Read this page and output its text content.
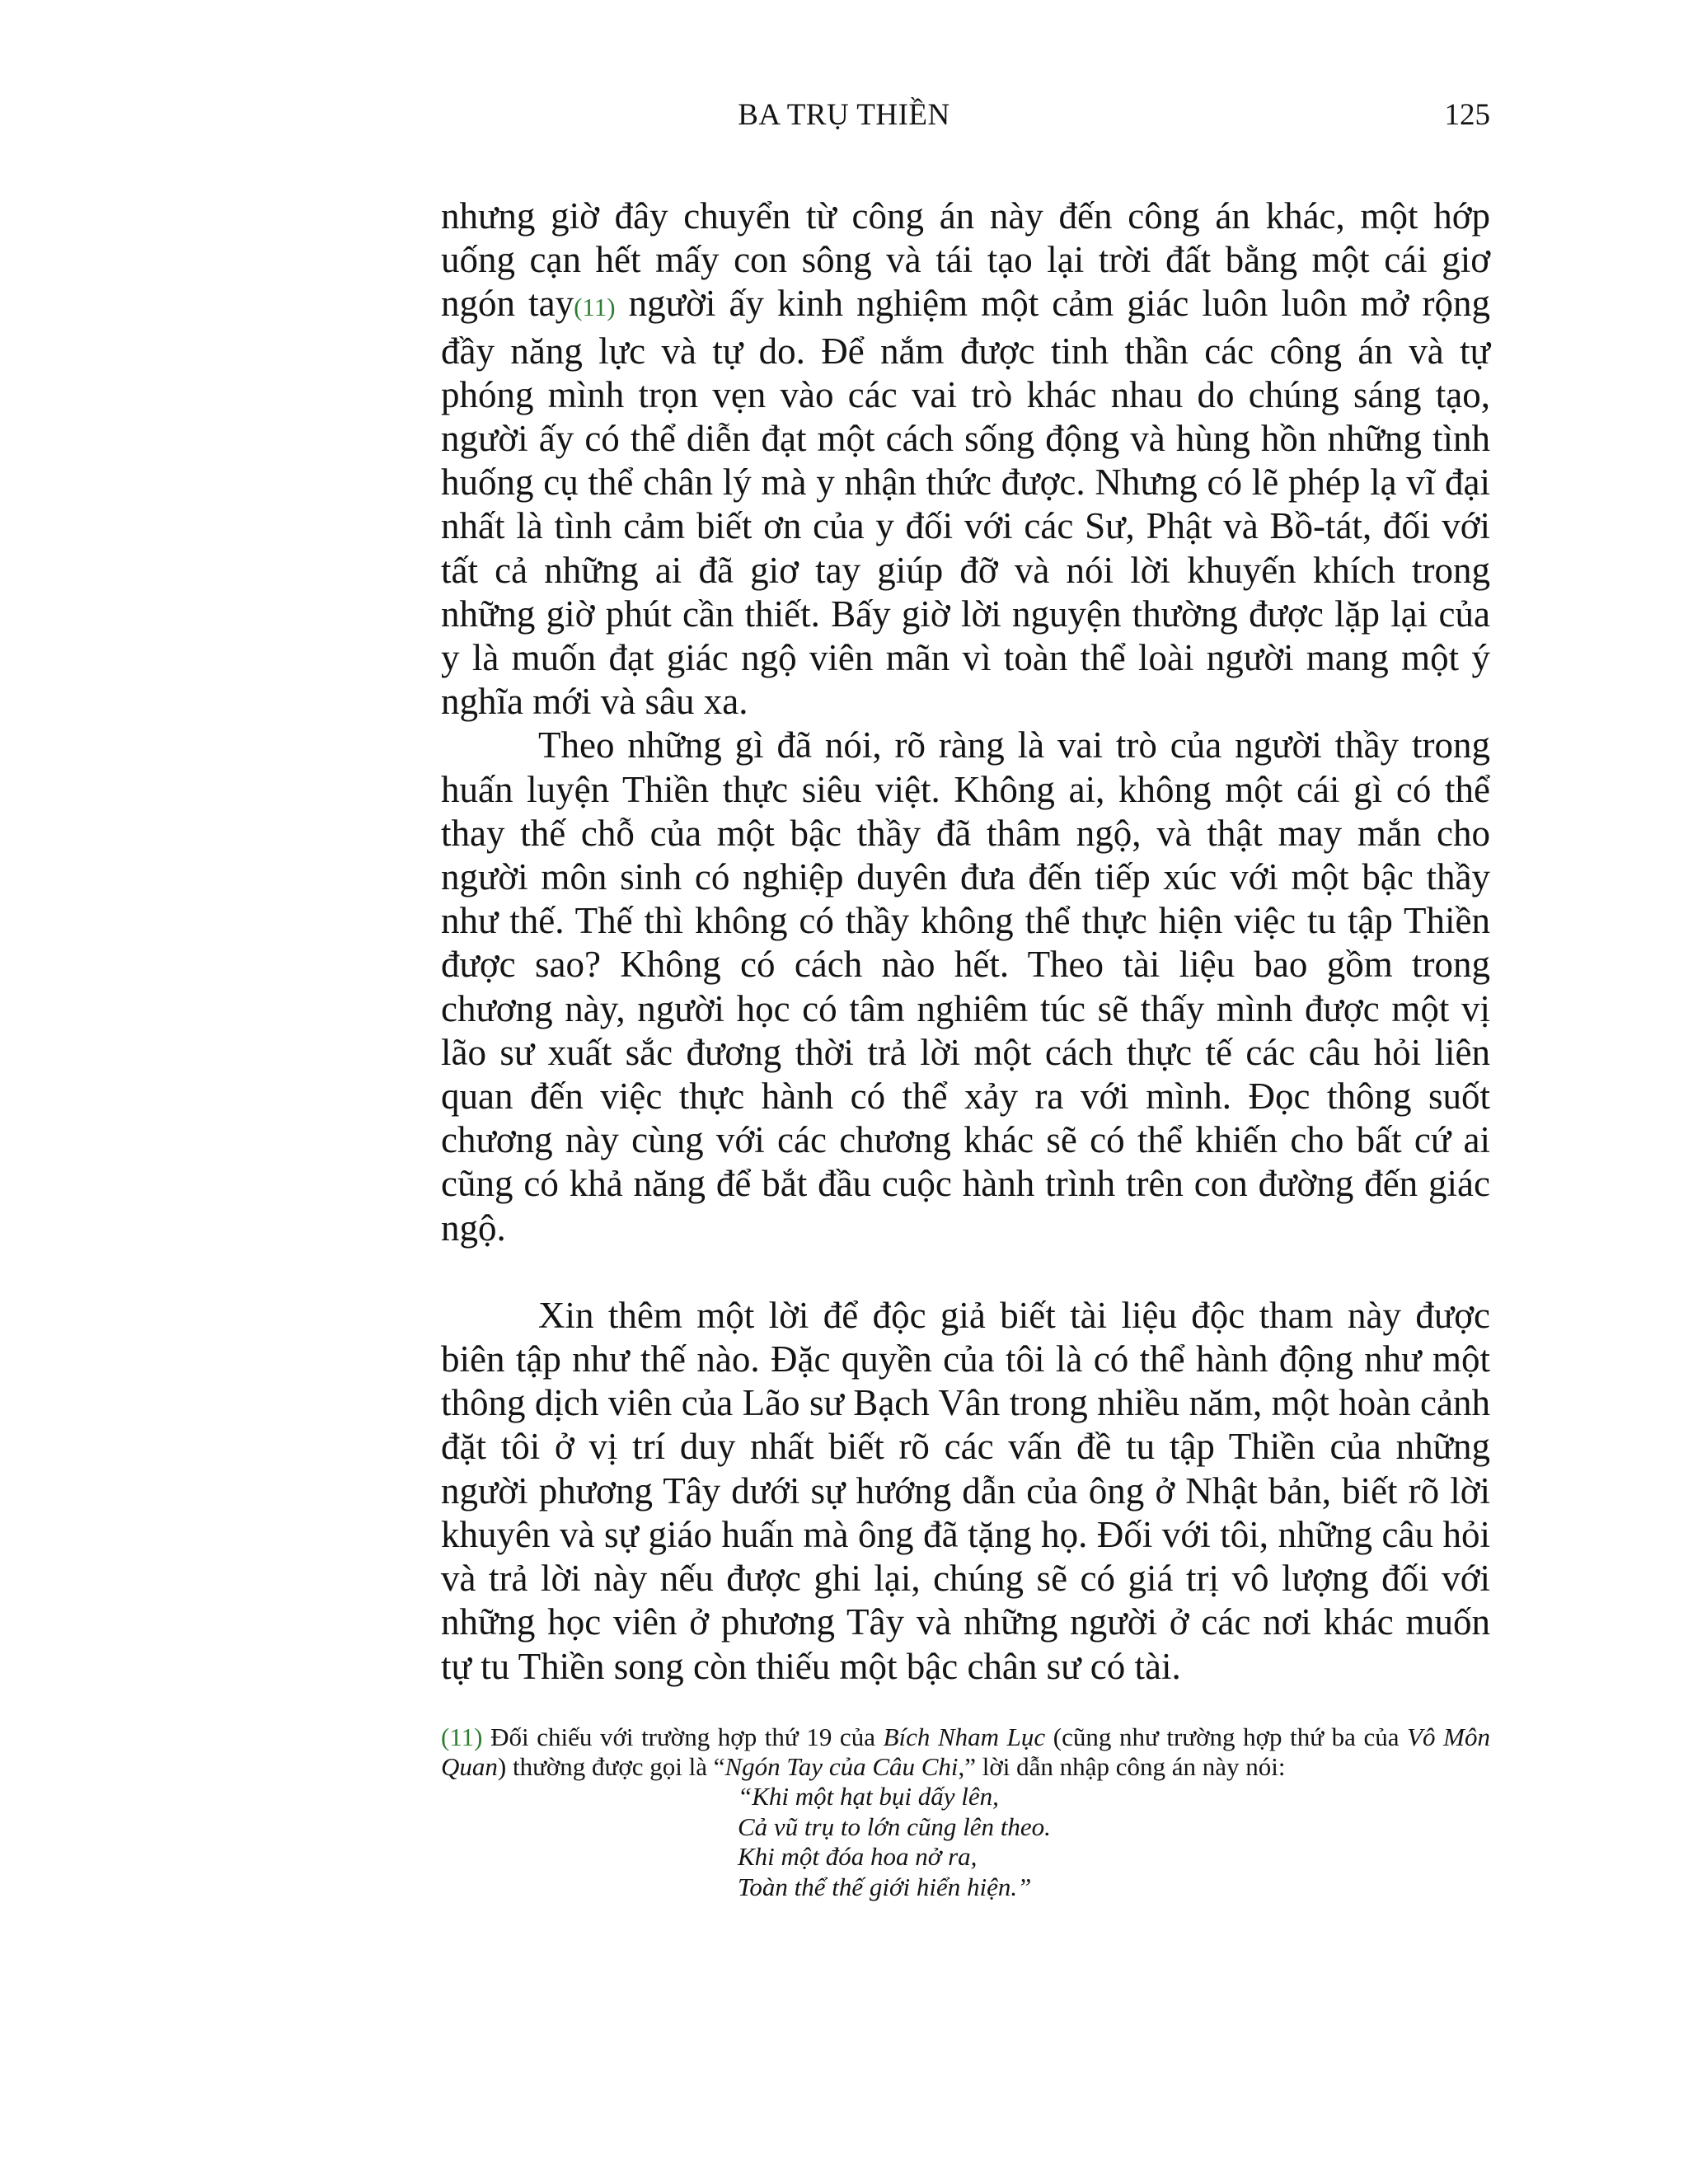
BA TRỤ THIỀN	125

nhưng giờ đây chuyển từ công án này đến công án khác, một hớp uống cạn hết mấy con sông và tái tạo lại trời đất bằng một cái giơ ngón tay(11) người ấy kinh nghiệm một cảm giác luôn luôn mở rộng đầy năng lực và tự do. Để nắm được tinh thần các công án và tự phóng mình trọn vẹn vào các vai trò khác nhau do chúng sáng tạo, người ấy có thể diễn đạt một cách sống động và hùng hồn những tình huống cụ thể chân lý mà y nhận thức được. Nhưng có lẽ phép lạ vĩ đại nhất là tình cảm biết ơn của y đối với các Sư, Phật và Bồ-tát, đối với tất cả những ai đã giơ tay giúp đỡ và nói lời khuyến khích trong những giờ phút cần thiết. Bấy giờ lời nguyện thường được lặp lại của y là muốn đạt giác ngộ viên mãn vì toàn thể loài người mang một ý nghĩa mới và sâu xa.

Theo những gì đã nói, rõ ràng là vai trò của người thầy trong huấn luyện Thiền thực siêu việt. Không ai, không một cái gì có thể thay thế chỗ của một bậc thầy đã thâm ngộ, và thật may mắn cho người môn sinh có nghiệp duyên đưa đến tiếp xúc với một bậc thầy như thế. Thế thì không có thầy không thể thực hiện việc tu tập Thiền được sao? Không có cách nào hết. Theo tài liệu bao gồm trong chương này, người học có tâm nghiêm túc sẽ thấy mình được một vị lão sư xuất sắc đương thời trả lời một cách thực tế các câu hỏi liên quan đến việc thực hành có thể xảy ra với mình. Đọc thông suốt chương này cùng với các chương khác sẽ có thể khiến cho bất cứ ai cũng có khả năng để bắt đầu cuộc hành trình trên con đường đến giác ngộ.

Xin thêm một lời để độc giả biết tài liệu độc tham này được biên tập như thế nào. Đặc quyền của tôi là có thể hành động như một thông dịch viên của Lão sư Bạch Vân trong nhiều năm, một hoàn cảnh đặt tôi ở vị trí duy nhất biết rõ các vấn đề tu tập Thiền của những người phương Tây dưới sự hướng dẫn của ông ở Nhật bản, biết rõ lời khuyên và sự giáo huấn mà ông đã tặng họ. Đối với tôi, những câu hỏi và trả lời này nếu được ghi lại, chúng sẽ có giá trị vô lượng đối với những học viên ở phương Tây và những người ở các nơi khác muốn tự tu Thiền song còn thiếu một bậc chân sư có tài.

(11) Đối chiếu với trường hợp thứ 19 của Bích Nham Lục (cũng như trường hợp thứ ba của Vô Môn Quan) thường được gọi là “Ngón Tay của Câu Chi,” lời dẫn nhập công án này nói:
“Khi một hạt bụi dấy lên,
Cả vũ trụ to lớn cũng lên theo.
Khi một đóa hoa nở ra,
Toàn thể thế giới hiển hiện.”
